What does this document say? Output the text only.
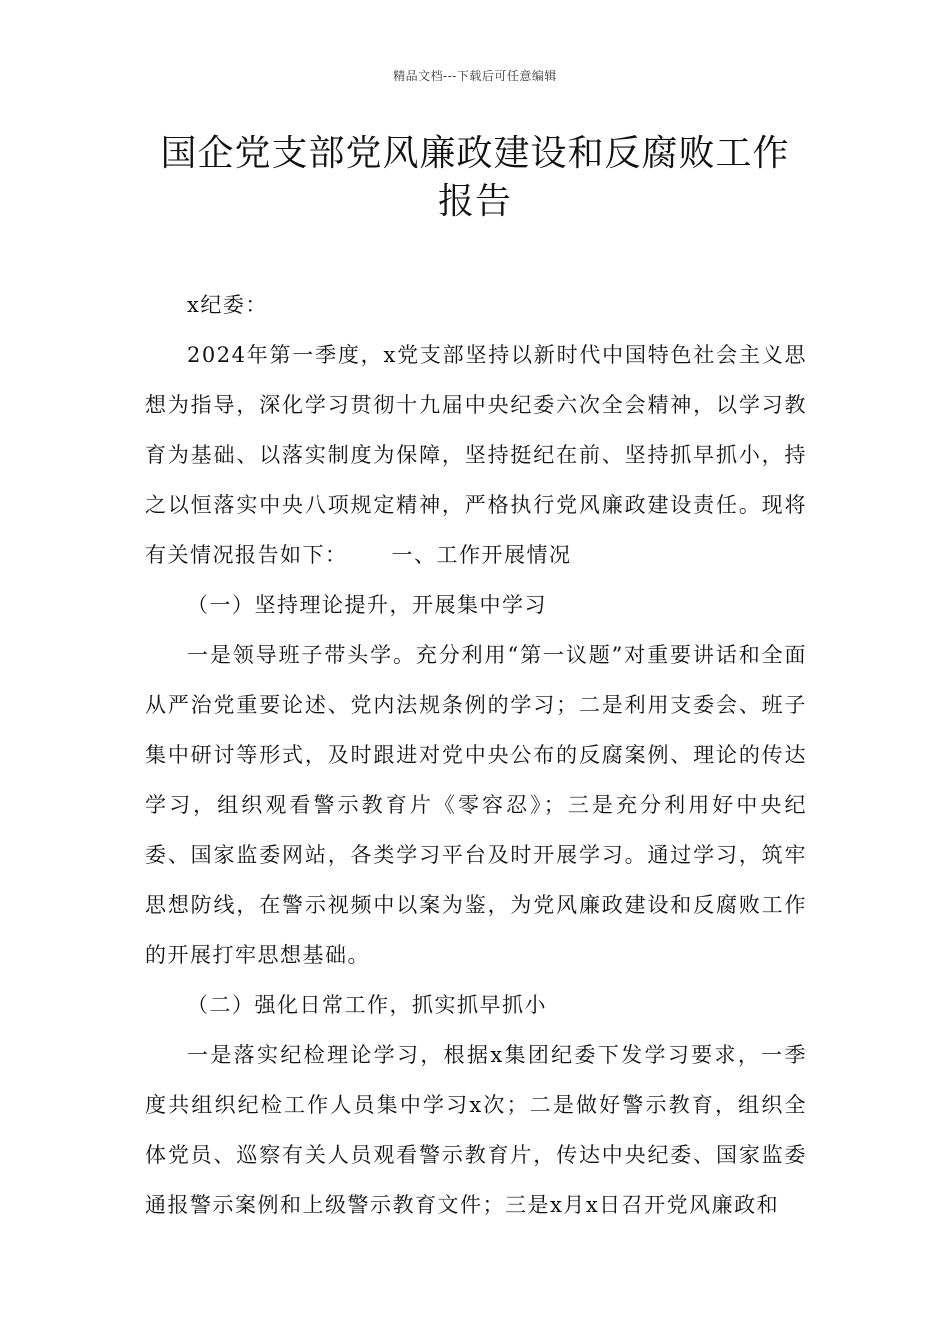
精品文档---下载后可任意编辑
国企党支部党风廉政建设和反腐败工作
报告

x纪委：

2024年第一季度，x党支部坚持以新时代中国特色社会主义思想为指导，深化学习贯彻十九届中央纪委六次全会精神，以学习教育为基础、以落实制度为保障，坚持挺纪在前、坚持抓早抓小，持之以恒落实中央八项规定精神，严格执行党风廉政建设责任。现将有关情况报告如下： 一、工作开展情况

（一）坚持理论提升，开展集中学习

一是领导班子带头学。充分利用“第一议题”对重要讲话和全面从严治党重要论述、党内法规条例的学习；二是利用支委会、班子集中研讨等形式，及时跟进对党中央公布的反腐案例、理论的传达学习，组织观看警示教育片《零容忍》；三是充分利用好中央纪委、国家监委网站，各类学习平台及时开展学习。通过学习，筑牢思想防线，在警示视频中以案为鉴，为党风廉政建设和反腐败工作的开展打牢思想基础。

（二）强化日常工作，抓实抓早抓小

一是落实纪检理论学习，根据x集团纪委下发学习要求，一季度共组织纪检工作人员集中学习x次；二是做好警示教育，组织全体党员、巡察有关人员观看警示教育片，传达中央纪委、国家监委通报警示案例和上级警示教育文件；三是x月x日召开党风廉政和
